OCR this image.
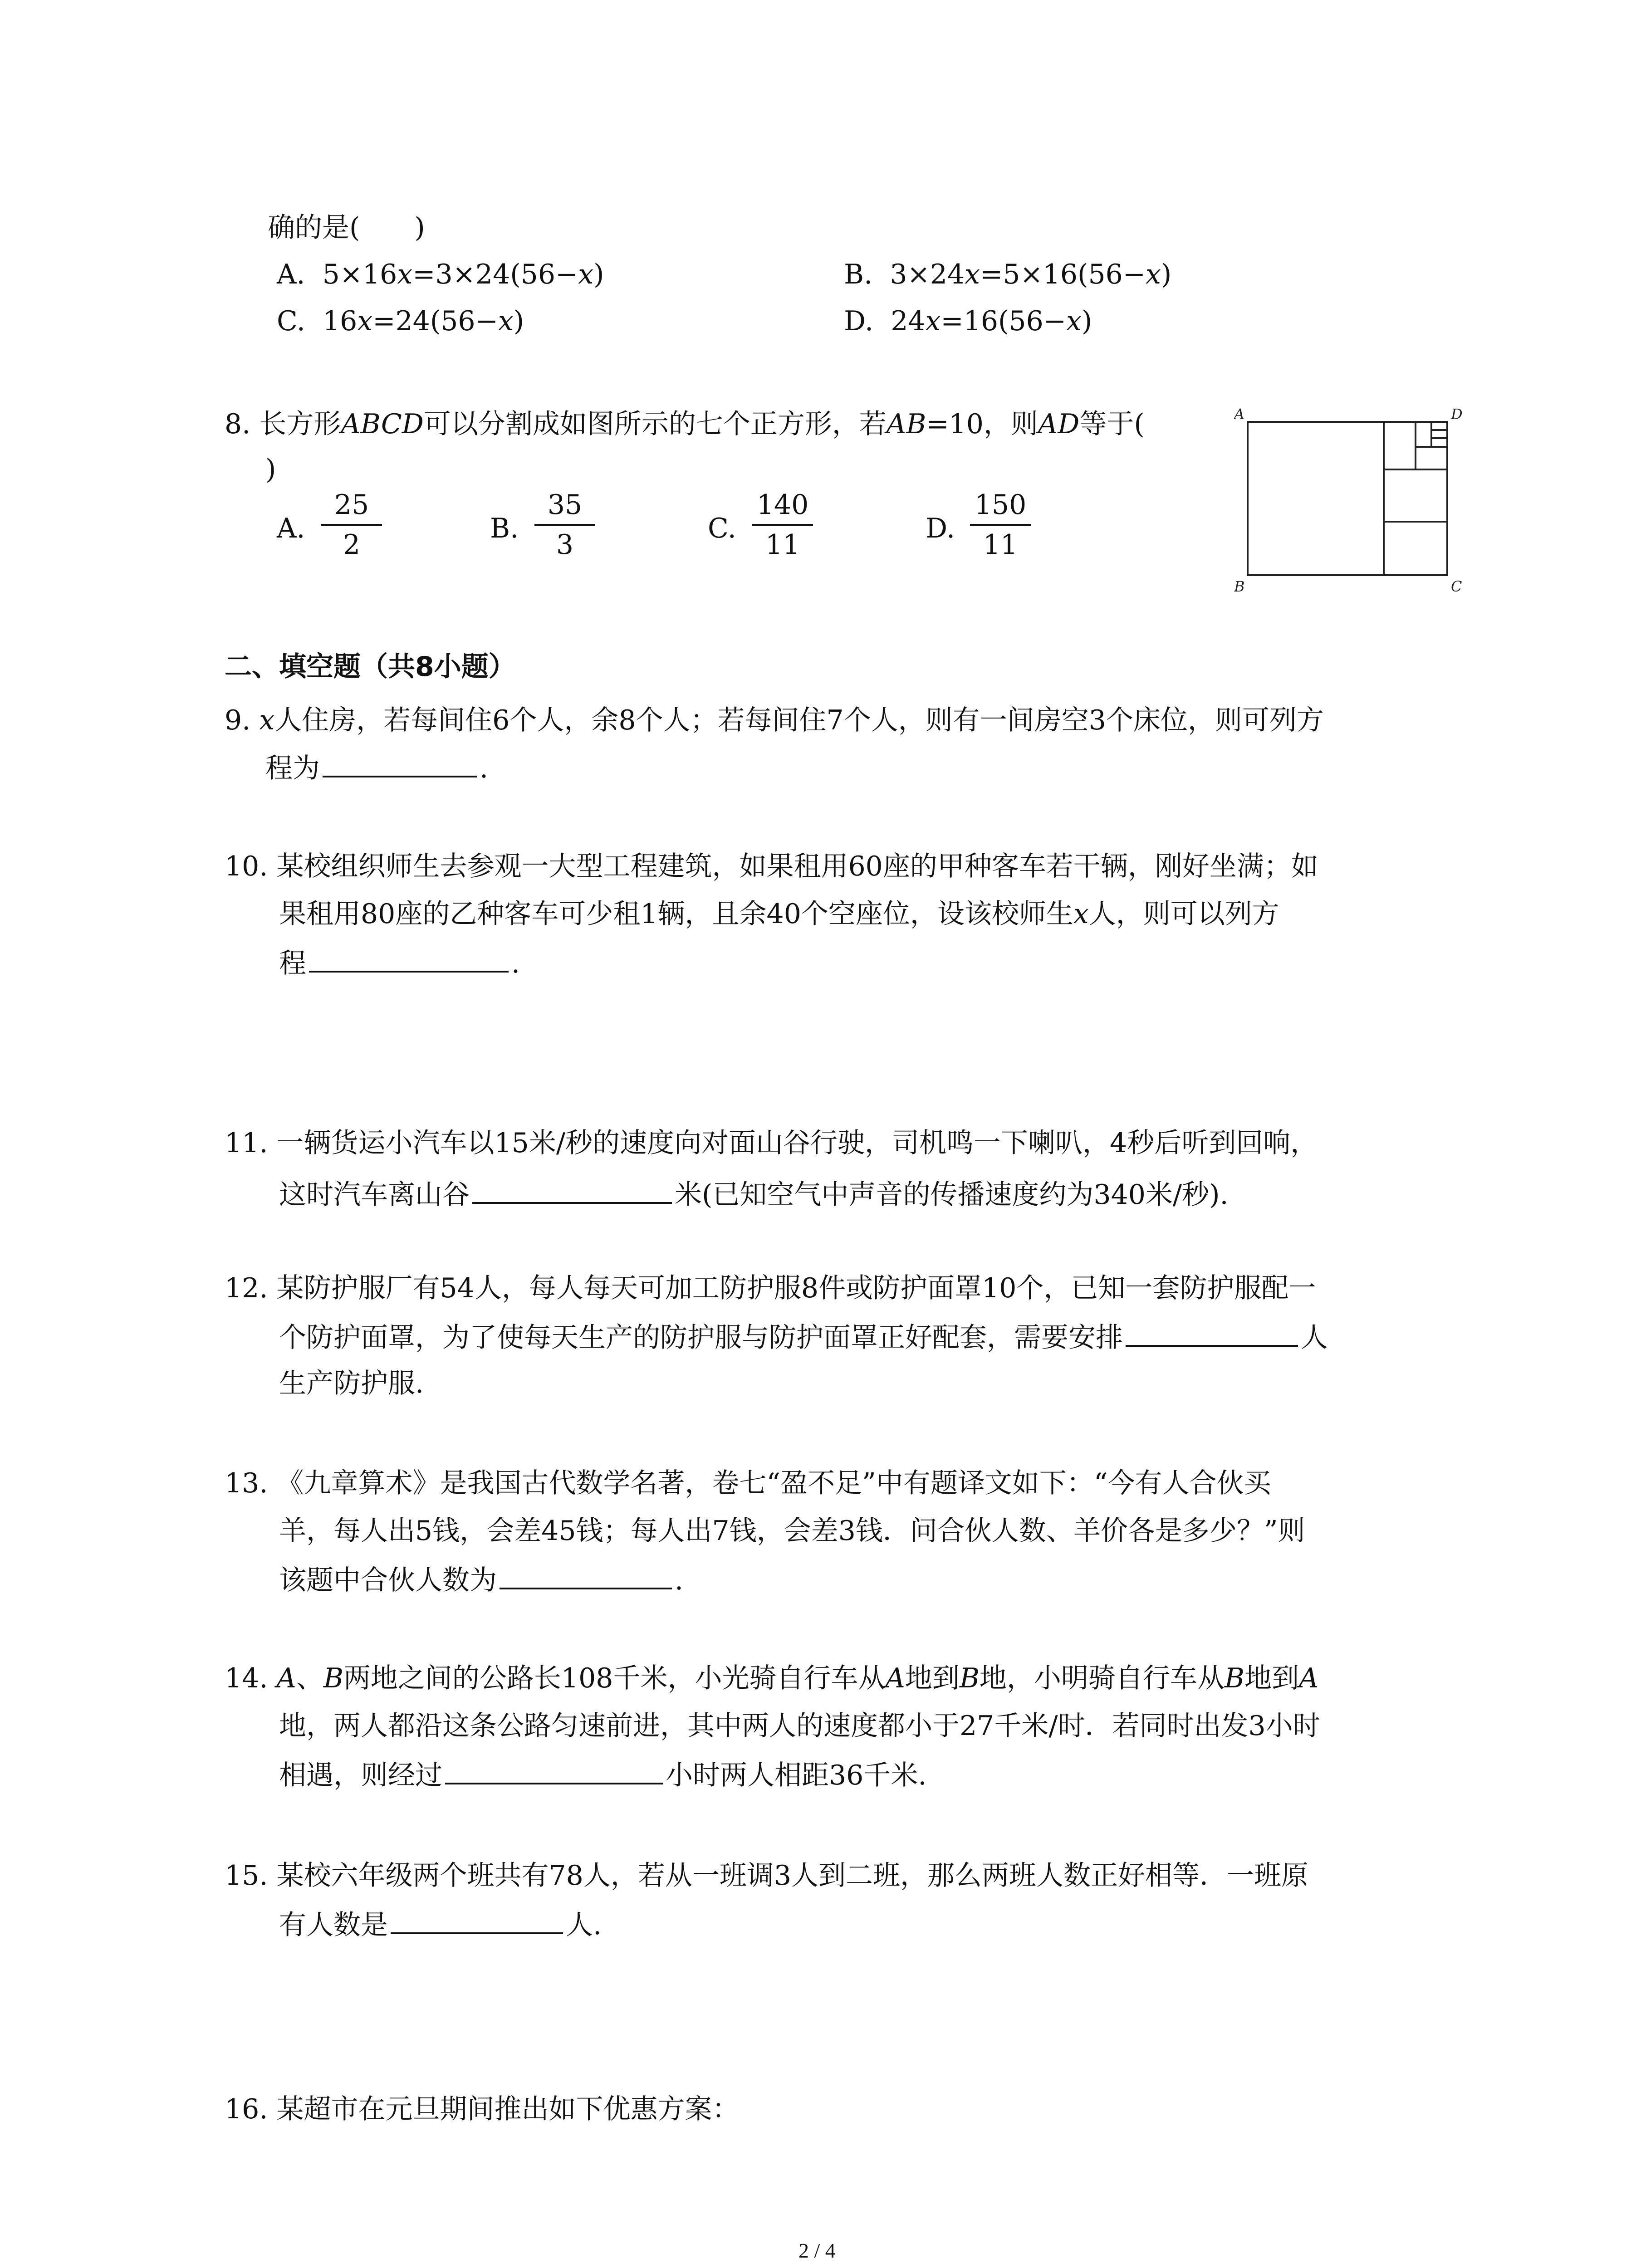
确的是(　　)
A. 5×16x=3×24(56−x)	B. 3×24x=5×16(56−x)
C. 16x=24(56−x)	D. 24x=16(56−x)
8. 长方形ABCD可以分割成如图所示的七个正方形，若AB=10，则AD等于(
)
A.
25
2
B.
35
3
C.
140
11
D.
150
11
A	D
B	C
二、填空题（共8小题）
9. x人住房，若每间住6个人，余8个人；若每间住7个人，则有一间房空3个床位，则可列方
程为	.
10. 某校组织师生去参观一大型工程建筑，如果租用60座的甲种客车若干辆，刚好坐满；如
果租用80座的乙种客车可少租1辆，且余40个空座位，设该校师生x人，则可以列方
程	.
11. 一辆货运小汽车以15米/秒的速度向对面山谷行驶，司机鸣一下喇叭，4秒后听到回响，
这时汽车离山谷	米(已知空气中声音的传播速度约为340米/秒).
12. 某防护服厂有54人，每人每天可加工防护服8件或防护面罩10个，已知一套防护服配一
个防护面罩，为了使每天生产的防护服与防护面罩正好配套，需要安排	人
生产防护服.
13. 《九章算术》是我国古代数学名著，卷七“盈不足”中有题译文如下：“今有人合伙买
羊，每人出5钱，会差45钱；每人出7钱，会差3钱．问合伙人数、羊价各是多少？”则
该题中合伙人数为	.
14. A、B两地之间的公路长108千米，小光骑自行车从A地到B地，小明骑自行车从B地到A
地，两人都沿这条公路匀速前进，其中两人的速度都小于27千米/时．若同时出发3小时
相遇，则经过	小时两人相距36千米.
15. 某校六年级两个班共有78人，若从一班调3人到二班，那么两班人数正好相等．一班原
有人数是	人.
16. 某超市在元旦期间推出如下优惠方案：
2 / 4
